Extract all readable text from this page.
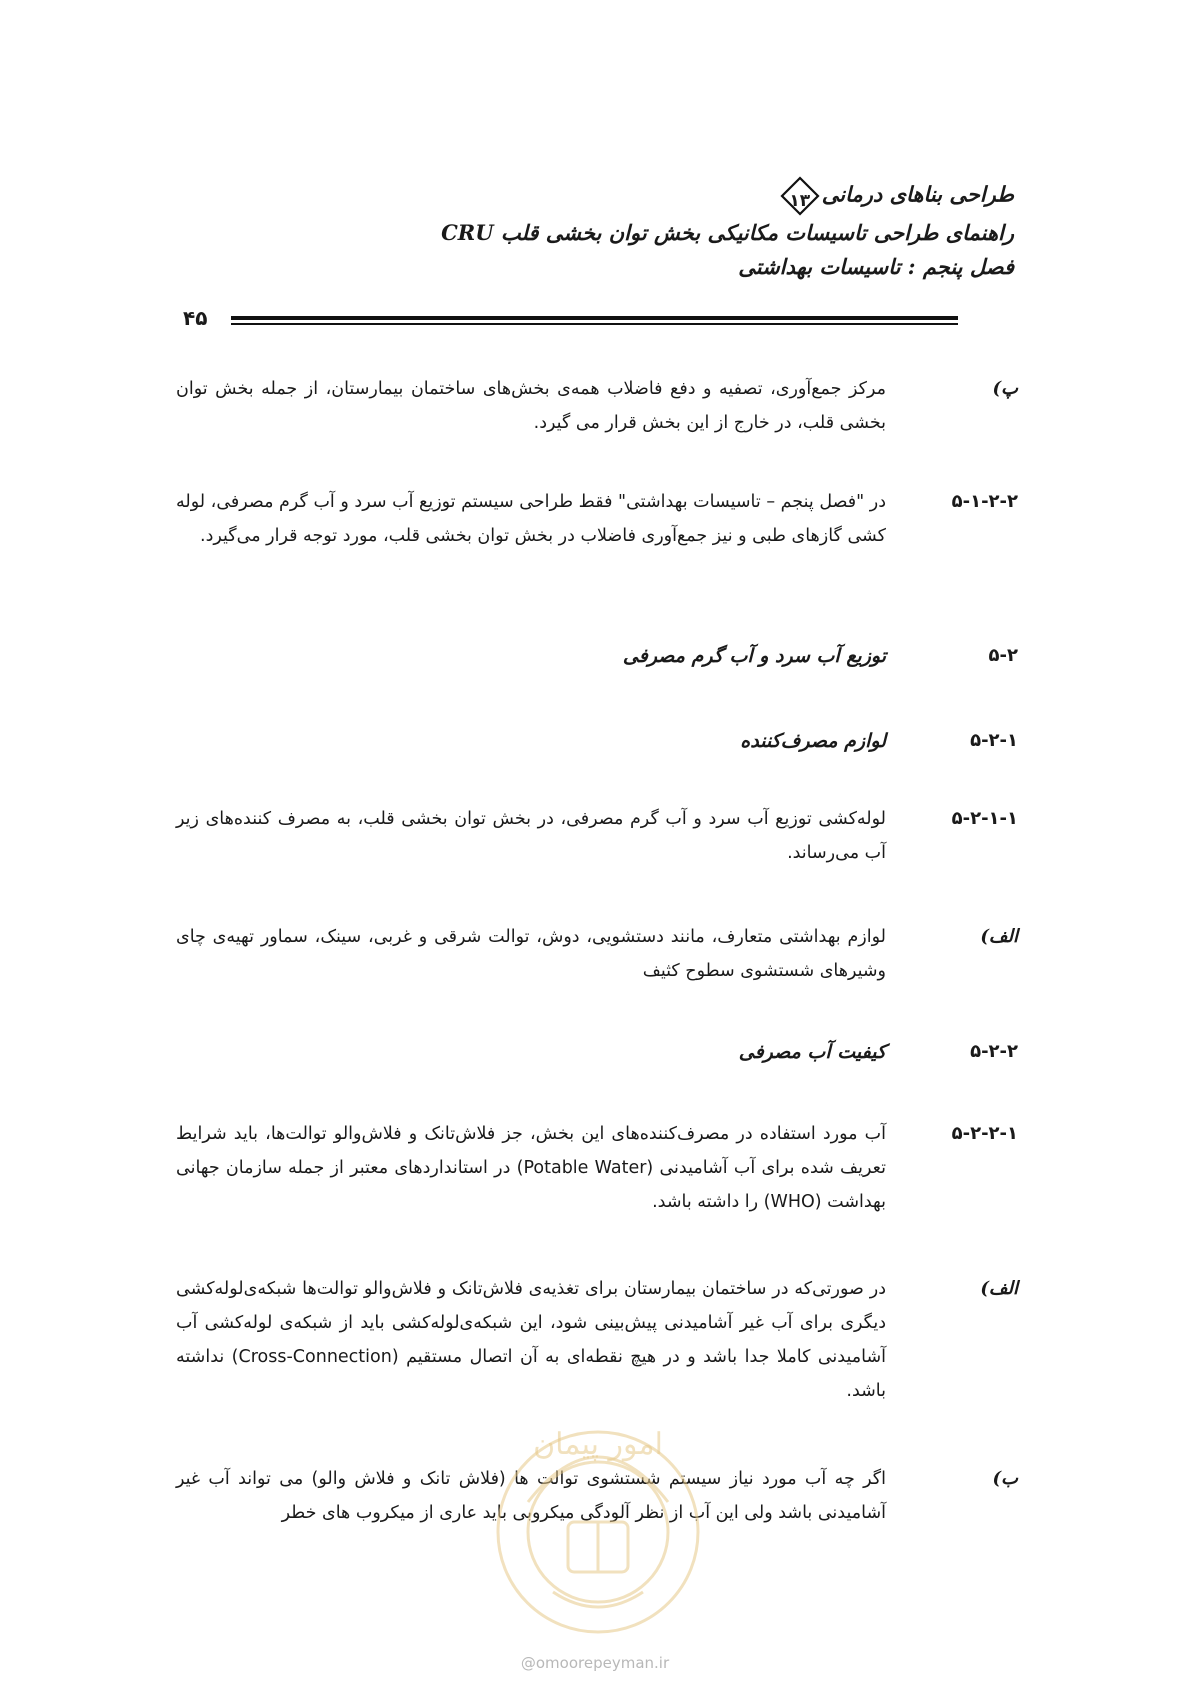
طراحی بناهای درمانی
۱۳
راهنمای طراحی تاسیسات مکانیکی بخش توان بخشی قلب CRU
فصل پنجم : تاسیسات بهداشتی
۴۵
پ)
مرکز جمع‌آوری، تصفیه و دفع فاضلاب همه‌ی بخش‌های ساختمان بیمارستان، از جمله بخش توان بخشی قلب، در خارج از این بخش قرار می گیرد.
۵-۱-۲-۲
در "فصل پنجم – تاسیسات بهداشتی" فقط طراحی سیستم توزیع آب سرد و آب گرم مصرفی، لوله کشی گازهای طبی و نیز جمع‌آوری فاضلاب در بخش توان بخشی قلب، مورد توجه قرار می‌گیرد.
۵-۲
توزیع آب سرد و آب گرم مصرفی
۵-۲-۱
لوازم مصرف‌کننده
۵-۲-۱-۱
لوله‌کشی توزیع آب سرد و آب گرم مصرفی، در بخش توان بخشی قلب، به مصرف کننده‌های زیر آب می‌رساند.
الف)
لوازم بهداشتی متعارف، مانند دستشویی، دوش، توالت شرقی و غربی، سینک، سماور تهیه‌ی چای وشیرهای شستشوی سطوح کثیف
۵-۲-۲
کیفیت آب مصرفی
۵-۲-۲-۱
آب مورد استفاده در مصرف‌کننده‌های این بخش، جز فلاش‌تانک و فلاش‌والو توالت‌ها، باید شرایط تعریف شده برای آب آشامیدنی (Potable Water) در استانداردهای معتبر از جمله سازمان جهانی بهداشت (WHO) را داشته باشد.
الف)
در صورتی‌که در ساختمان بیمارستان برای تغذیه‌ی فلاش‌تانک و فلاش‌والو توالت‌ها شبکه‌ی‌لوله‌کشی دیگری برای آب غیر آشامیدنی پیش‌بینی شود، این شبکه‌ی‌لوله‌کشی باید از شبکه‌ی لوله‌کشی آب آشامیدنی کاملا جدا باشد و در هیچ نقطه‌ای به آن اتصال مستقیم (Cross-Connection) نداشته باشد.
ب)
اگر چه آب مورد نیاز سیستم شستشوی توالت ها (فلاش تانک و فلاش والو) می تواند آب غیر آشامیدنی باشد ولی این آب از نظر آلودگی میکروبی باید عاری از میکروب های خطر
امور پیمان
@omoorepeyman.ir
